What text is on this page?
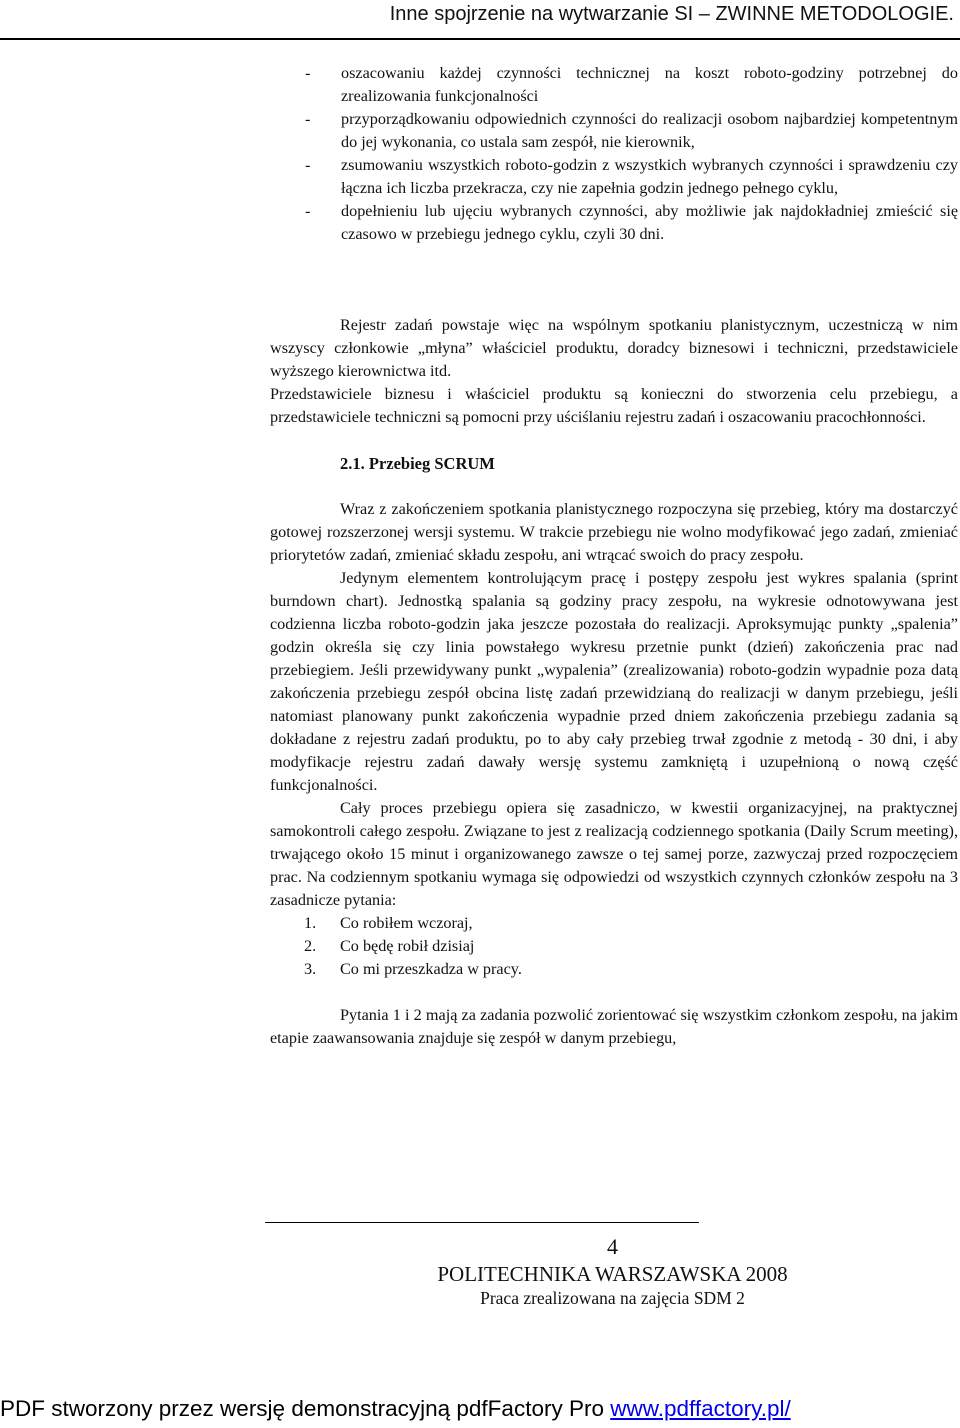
Inne spojrzenie na wytwarzanie SI – ZWINNE METODOLOGIE.
- oszacowaniu każdej czynności technicznej na koszt roboto-godziny potrzebnej do zrealizowania funkcjonalności
- przyporządkowaniu odpowiednich czynności do realizacji osobom najbardziej kompetentnym do jej wykonania, co ustala sam zespół, nie kierownik,
- zsumowaniu wszystkich roboto-godzin z wszystkich wybranych czynności i sprawdzeniu czy łączna ich liczba przekracza, czy nie zapełnia godzin jednego pełnego cyklu,
- dopełnieniu lub ujęciu wybranych czynności, aby możliwie jak najdokładniej zmieścić się czasowo w przebiegu jednego cyklu, czyli 30 dni.

Rejestr zadań powstaje więc na wspólnym spotkaniu planistycznym, uczestniczą w nim wszyscy członkowie „młyna” właściciel produktu, doradcy biznesowi i techniczni, przedstawiciele wyższego kierownictwa itd.

Przedstawiciele biznesu i właściciel produktu są konieczni do stworzenia celu przebiegu, a przedstawiciele techniczni są pomocni przy uściślaniu rejestru zadań i oszacowaniu pracochłonności.

2.1. Przebieg SCRUM

Wraz z zakończeniem spotkania planistycznego rozpoczyna się przebieg, który ma dostarczyć gotowej rozszerzonej wersji systemu. W trakcie przebiegu nie wolno modyfikować jego zadań, zmieniać priorytetów zadań, zmieniać składu zespołu, ani wtrącać swoich do pracy zespołu.

Jedynym elementem kontrolującym pracę i postępy zespołu jest wykres spalania (sprint burndown chart). Jednostką spalania są godziny pracy zespołu, na wykresie odnotowywana jest codzienna liczba roboto-godzin jaka jeszcze pozostała do realizacji. Aproksymując punkty „spalenia” godzin określa się czy linia powstałego wykresu przetnie punkt (dzień) zakończenia prac nad przebiegiem. Jeśli przewidywany punkt „wypalenia” (zrealizowania) roboto-godzin wypadnie poza datą zakończenia przebiegu zespół obcina listę zadań przewidzianą do realizacji w danym przebiegu, jeśli natomiast planowany punkt zakończenia wypadnie przed dniem zakończenia przebiegu zadania są dokładane z rejestru zadań produktu, po to aby cały przebieg trwał zgodnie z metodą - 30 dni, i aby modyfikacje rejestru zadań dawały wersję systemu zamkniętą i uzupełnioną o nową część funkcjonalności.

Cały proces przebiegu opiera się zasadniczo, w kwestii organizacyjnej, na praktycznej samokontroli całego zespołu. Związane to jest z realizacją codziennego spotkania (Daily Scrum meeting), trwającego około 15 minut i organizowanego zawsze o tej samej porze, zazwyczaj przed rozpoczęciem prac. Na codziennym spotkaniu wymaga się odpowiedzi od wszystkich czynnych członków zespołu na 3 zasadnicze pytania:

1. Co robiłem wczoraj,
2. Co będę robił dzisiaj
3. Co mi przeszkadza w pracy.

Pytania 1 i 2 mają za zadania pozwolić zorientować się wszystkim członkom zespołu, na jakim etapie zaawansowania znajduje się zespół w danym przebiegu,

4
POLITECHNIKA WARSZAWSKA 2008
Praca zrealizowana na zajęcia SDM 2
PDF stworzony przez wersję demonstracyjną pdfFactory Pro www.pdffactory.pl/
